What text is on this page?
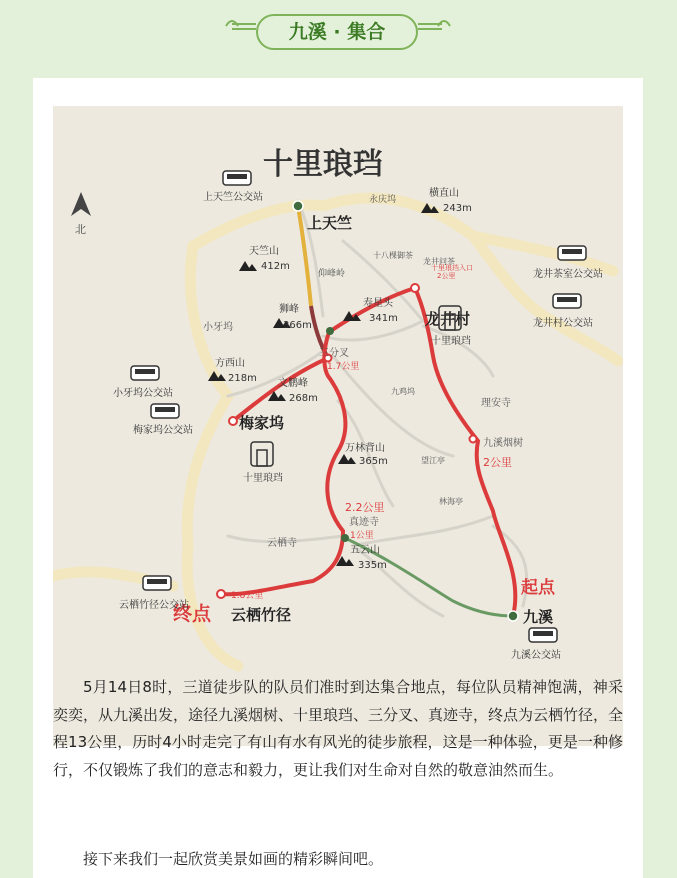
九溪 · 集合
十里琅珰
北	上天竺
龙井村
梅家坞
九溪
云栖竹径
起点
终点
上天竺公交站
龙井茶室公交站
龙井村公交站
小牙坞公交站
梅家坞公交站
云栖竹径公交站
九溪公交站
横直山
243m
天竺山
412m
狮峰
366m
寿星头
341m
方西山
218m 文鹏峰
268m
万林背山
365m
五云山
335m
永庆坞
十八棵御茶
龙井问茶
仰峰岭
小牙坞
三分叉
九鸡坞
理安寺
九溪烟树
望江亭
林海亭
真迹寺
云栖寺
十里琅珰
十里琅珰
十里琅珰入口
2公里
1.7公里
2公里
2.2公里
1公里
1.8公里

5月14日8时，三道徒步队的队员们准时到达集合地点，每位队员精神饱满，神采奕奕，从九溪出发，途径九溪烟树、十里琅珰、三分叉、真迹寺，终点为云栖竹径，全程13公里，历时4小时走完了有山有水有风光的徒步旅程，这是一种体验，更是一种修行，不仅锻炼了我们的意志和毅力，更让我们对生命对自然的敬意油然而生。

接下来我们一起欣赏美景如画的精彩瞬间吧。
